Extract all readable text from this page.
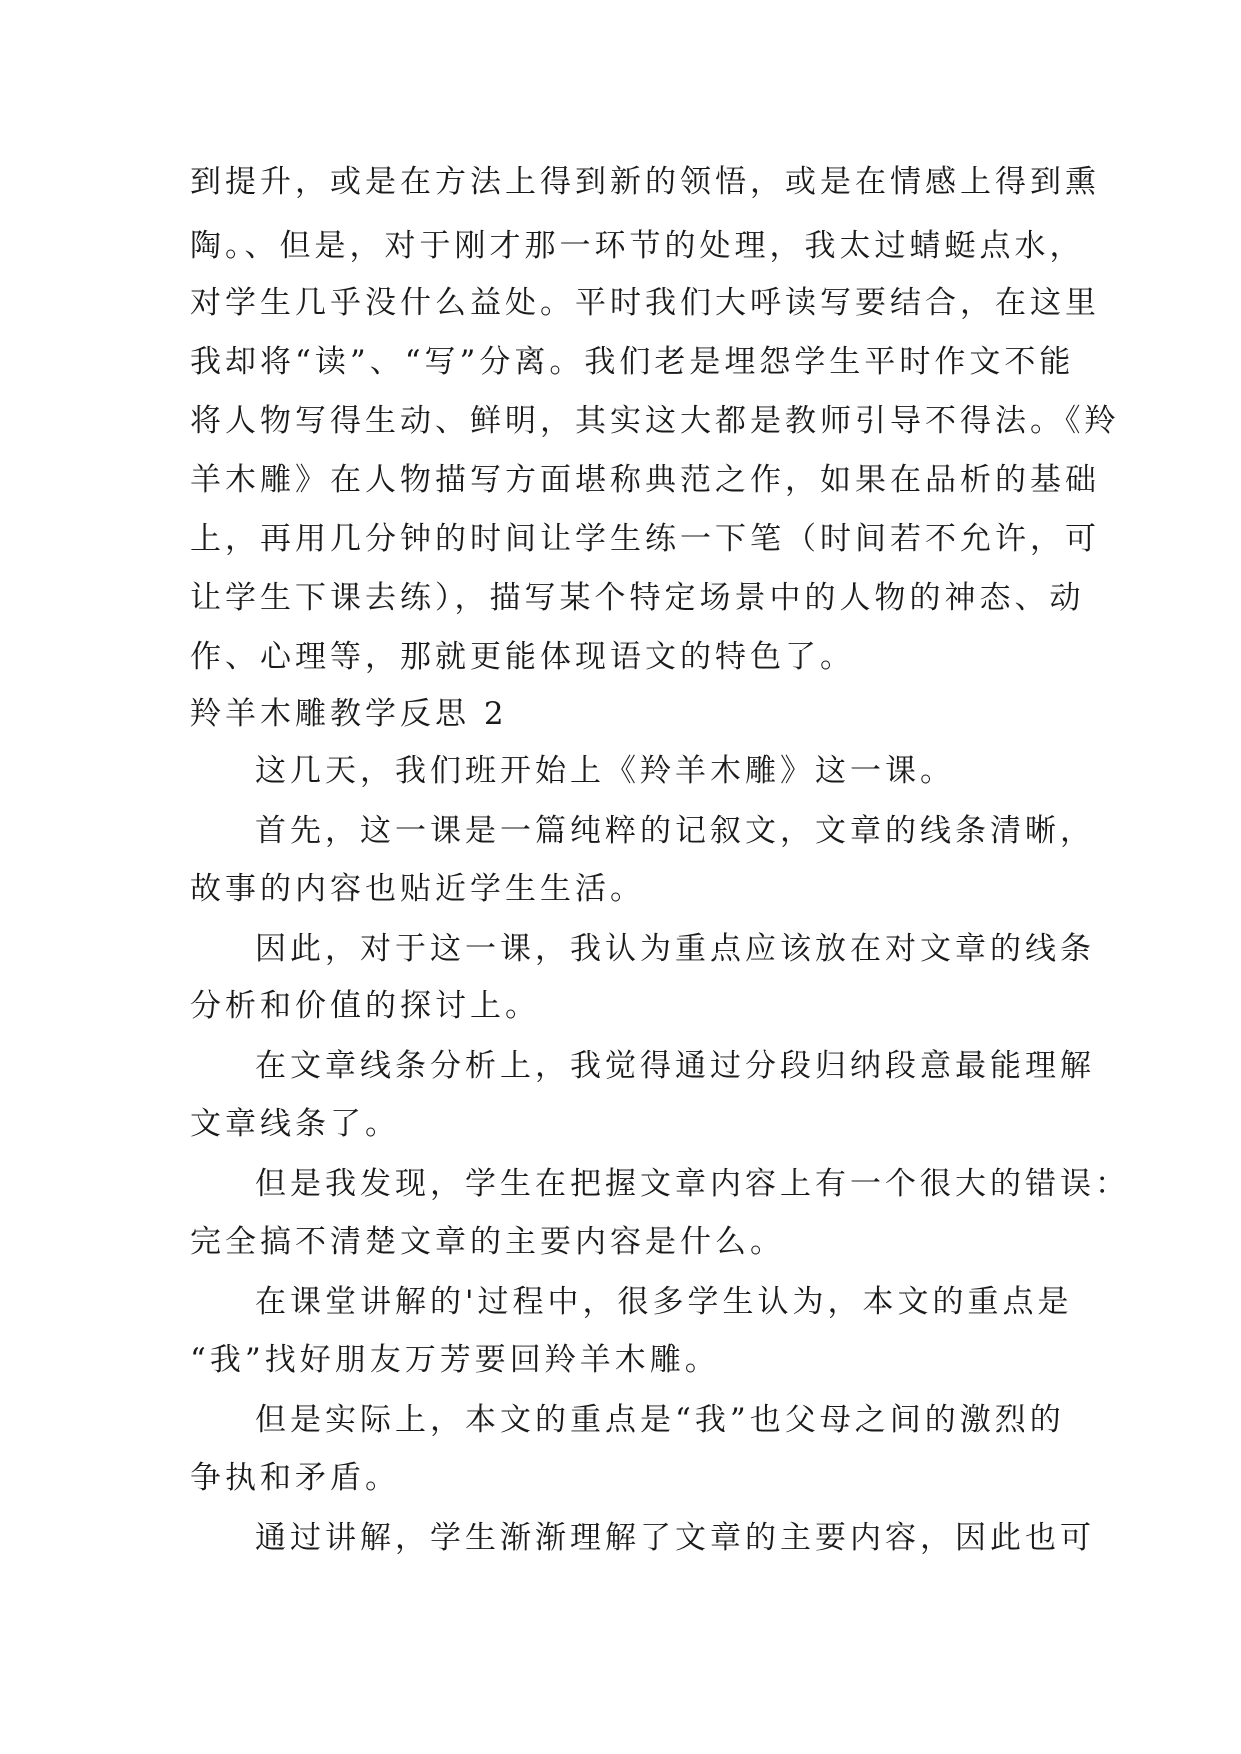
到提升，或是在方法上得到新的领悟，或是在情感上得到熏
陶。、但是，对于刚才那一环节的处理，我太过蜻蜓点水，
对学生几乎没什么益处。平时我们大呼读写要结合，在这里
我却将“读”、“写”分离。我们老是埋怨学生平时作文不能
将人物写得生动、鲜明，其实这大都是教师引导不得法。《羚
羊木雕》在人物描写方面堪称典范之作，如果在品析的基础
上，再用几分钟的时间让学生练一下笔（时间若不允许，可
让学生下课去练），描写某个特定场景中的人物的神态、动
作、心理等，那就更能体现语文的特色了。
羚羊木雕教学反思 2
这几天，我们班开始上《羚羊木雕》这一课。
首先，这一课是一篇纯粹的记叙文，文章的线条清晰，
故事的内容也贴近学生生活。
因此，对于这一课，我认为重点应该放在对文章的线条
分析和价值的探讨上。
在文章线条分析上，我觉得通过分段归纳段意最能理解
文章线条了。
但是我发现，学生在把握文章内容上有一个很大的错误：
完全搞不清楚文章的主要内容是什么。
在课堂讲解的'过程中，很多学生认为，本文的重点是
“我”找好朋友万芳要回羚羊木雕。
但是实际上，本文的重点是“我”也父母之间的激烈的
争执和矛盾。
通过讲解，学生渐渐理解了文章的主要内容，因此也可
